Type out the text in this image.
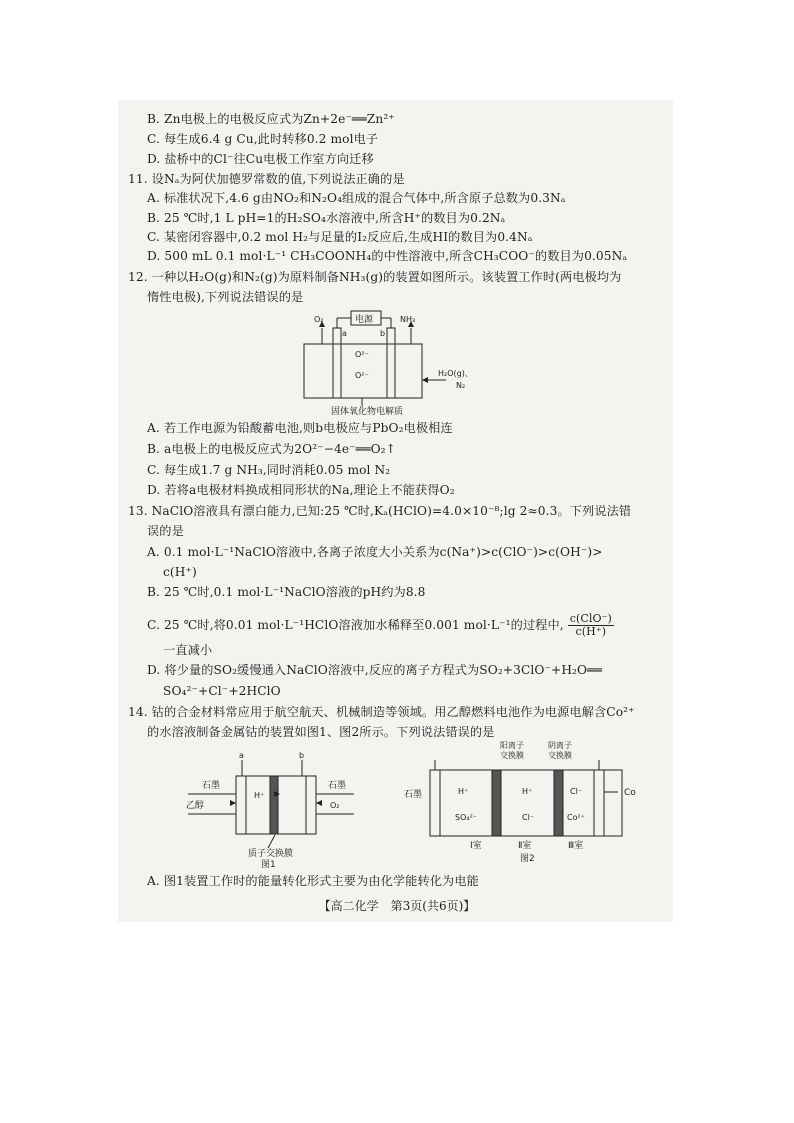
B. Zn电极上的电极反应式为Zn+2e⁻══Zn²⁺
C. 每生成6.4 g Cu,此时转移0.2 mol电子
D. 盐桥中的Cl⁻往Cu电极工作室方向迁移
11. 设Nₐ为阿伏加德罗常数的值,下列说法正确的是
A. 标准状况下,4.6 g由NO₂和N₂O₄组成的混合气体中,所含原子总数为0.3Nₐ
B. 25 ℃时,1 L pH=1的H₂SO₄水溶液中,所含H⁺的数目为0.2Nₐ
C. 某密闭容器中,0.2 mol H₂与足量的I₂反应后,生成HI的数目为0.4Nₐ
D. 500 mL 0.1 mol·L⁻¹ CH₃COONH₄的中性溶液中,所含CH₃COO⁻的数目为0.05Nₐ
12. 一种以H₂O(g)和N₂(g)为原料制备NH₃(g)的装置如图所示。该装置工作时(两电极均为
惰性电极),下列说法错误的是
电源
O₂	NH₃
a	b
O²⁻
O²⁻	H₂O(g)、
N₂
固体氧化物电解质
A. 若工作电源为铅酸蓄电池,则b电极应与PbO₂电极相连
B. a电极上的电极反应式为2O²⁻−4e⁻══O₂↑
C. 每生成1.7 g NH₃,同时消耗0.05 mol N₂
D. 若将a电极材料换成相同形状的Na,理论上不能获得O₂
13. NaClO溶液具有漂白能力,已知:25 ℃时,Kₐ(HClO)=4.0×10⁻⁸;lg 2≈0.3。下列说法错
误的是
A. 0.1 mol·L⁻¹NaClO溶液中,各离子浓度大小关系为c(Na⁺)>c(ClO⁻)>c(OH⁻)>
c(H⁺)
B. 25 ℃时,0.1 mol·L⁻¹NaClO溶液的pH约为8.8
C. 25 ℃时,将0.01 mol·L⁻¹HClO溶液加水稀释至0.001 mol·L⁻¹的过程中, $\frac{\text{c(ClO⁻)}}{c(H^+)}$
一直减小
D. 将少量的SO₂缓慢通入NaClO溶液中,反应的离子方程式为SO₂+3ClO⁻+H₂O══
SO₄²⁻+Cl⁻+2HClO
14. 钴的合金材料常应用于航空航天、机械制造等领域。用乙醇燃料电池作为电源电解含Co²⁺
的水溶液制备金属钴的装置如图1、图2所示。下列说法错误的是
a	b
石墨	石墨
乙醇	O₂
H⁺
质子交换膜
图1
阳离子
交换膜
阴离子
交换膜
石墨	Co
H⁺
SO₄²⁻
H⁺
Cl⁻
Cl⁻
Co²⁺
Ⅰ室	Ⅱ室	Ⅲ室
图2
A. 图1装置工作时的能量转化形式主要为由化学能转化为电能
【高二化学　第3页(共6页)】
